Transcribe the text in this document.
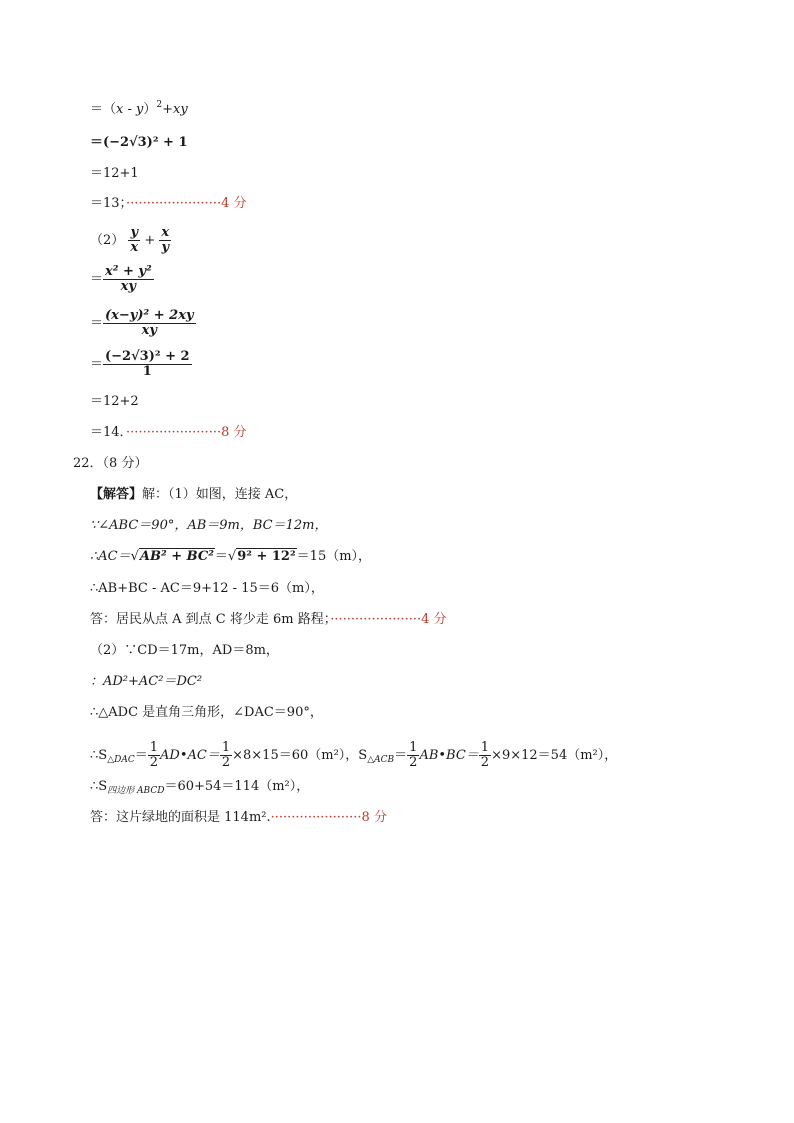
＝（x - y）$^2$+xy
＝(−2√3)² + 1
＝12+1
＝13；·······················4 分
$(2) \frac{y}{x} + \frac{x}{y}$
＝ $\frac{\text{x² + y²}}{xy}$
＝ $\frac{\text{(x−y)² + 2xy}}{xy}$
＝ $\frac{\text{(−2√3)² + 2}}{1}$
＝12+2
＝14．·······················8 分
22．（8 分）
【解答】解：（1）如图，连接 AC，
∵∠ABC＝90°，AB＝9m，BC＝12m，
∴AC＝√AB² + BC²＝√9² + 12²＝15（m），
∴AB+BC - AC＝9+12 - 15＝6（m），
答：居民从点 A 到点 C 将少走 6m 路程；······················4 分
（2）∵CD＝17m，AD＝8m，
：AD²+AC²＝DC²
∴△ADC 是直角三角形，∠DAC＝90°，
$\therefore S_{\triangle DAC}= \frac{1}{2}$ AD•AC＝ $\frac{1}{2} \times 8\times 15=60(m^2)$，$S_{\triangle ACB}= \frac{1}{2}$ AB•BC＝ $\frac{1}{2} \times 9\times 12=54(m^2)$，
$\therefore S_{四边形 ABCD}=60+54=114(m^2)$，
答：这片绿地的面积是 114m².······················8 分
